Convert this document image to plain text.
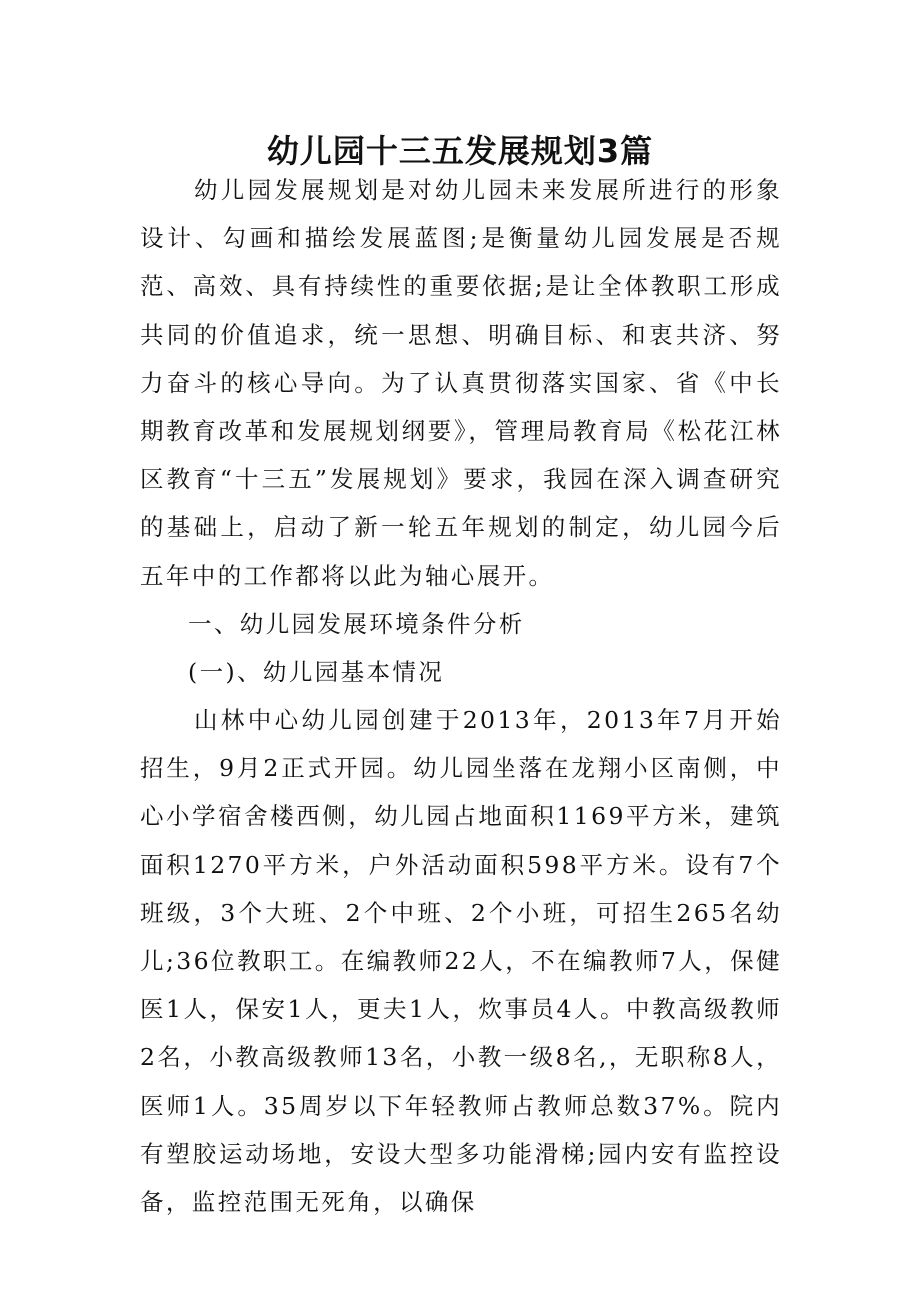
幼儿园十三五发展规划3篇

幼儿园发展规划是对幼儿园未来发展所进行的形象设计、勾画和描绘发展蓝图;是衡量幼儿园发展是否规范、高效、具有持续性的重要依据;是让全体教职工形成共同的价值追求，统一思想、明确目标、和衷共济、努力奋斗的核心导向。为了认真贯彻落实国家、省《中长期教育改革和发展规划纲要》，管理局教育局《松花江林区教育“十三五”发展规划》要求，我园在深入调查研究的基础上，启动了新一轮五年规划的制定，幼儿园今后五年中的工作都将以此为轴心展开。

一、幼儿园发展环境条件分析

(一)、幼儿园基本情况

山林中心幼儿园创建于2013年，2013年7月开始招生，9月2正式开园。幼儿园坐落在龙翔小区南侧，中心小学宿舍楼西侧，幼儿园占地面积1169平方米，建筑面积1270平方米，户外活动面积598平方米。设有7个班级，3个大班、2个中班、2个小班，可招生265名幼儿;36位教职工。在编教师22人，不在编教师7人，保健医1人，保安1人，更夫1人，炊事员4人。中教高级教师2名，小教高级教师13名，小教一级8名,，无职称8人，医师1人。35周岁以下年轻教师占教师总数37%。院内有塑胶运动场地，安设大型多功能滑梯;园内安有监控设备，监控范围无死角，以确保
